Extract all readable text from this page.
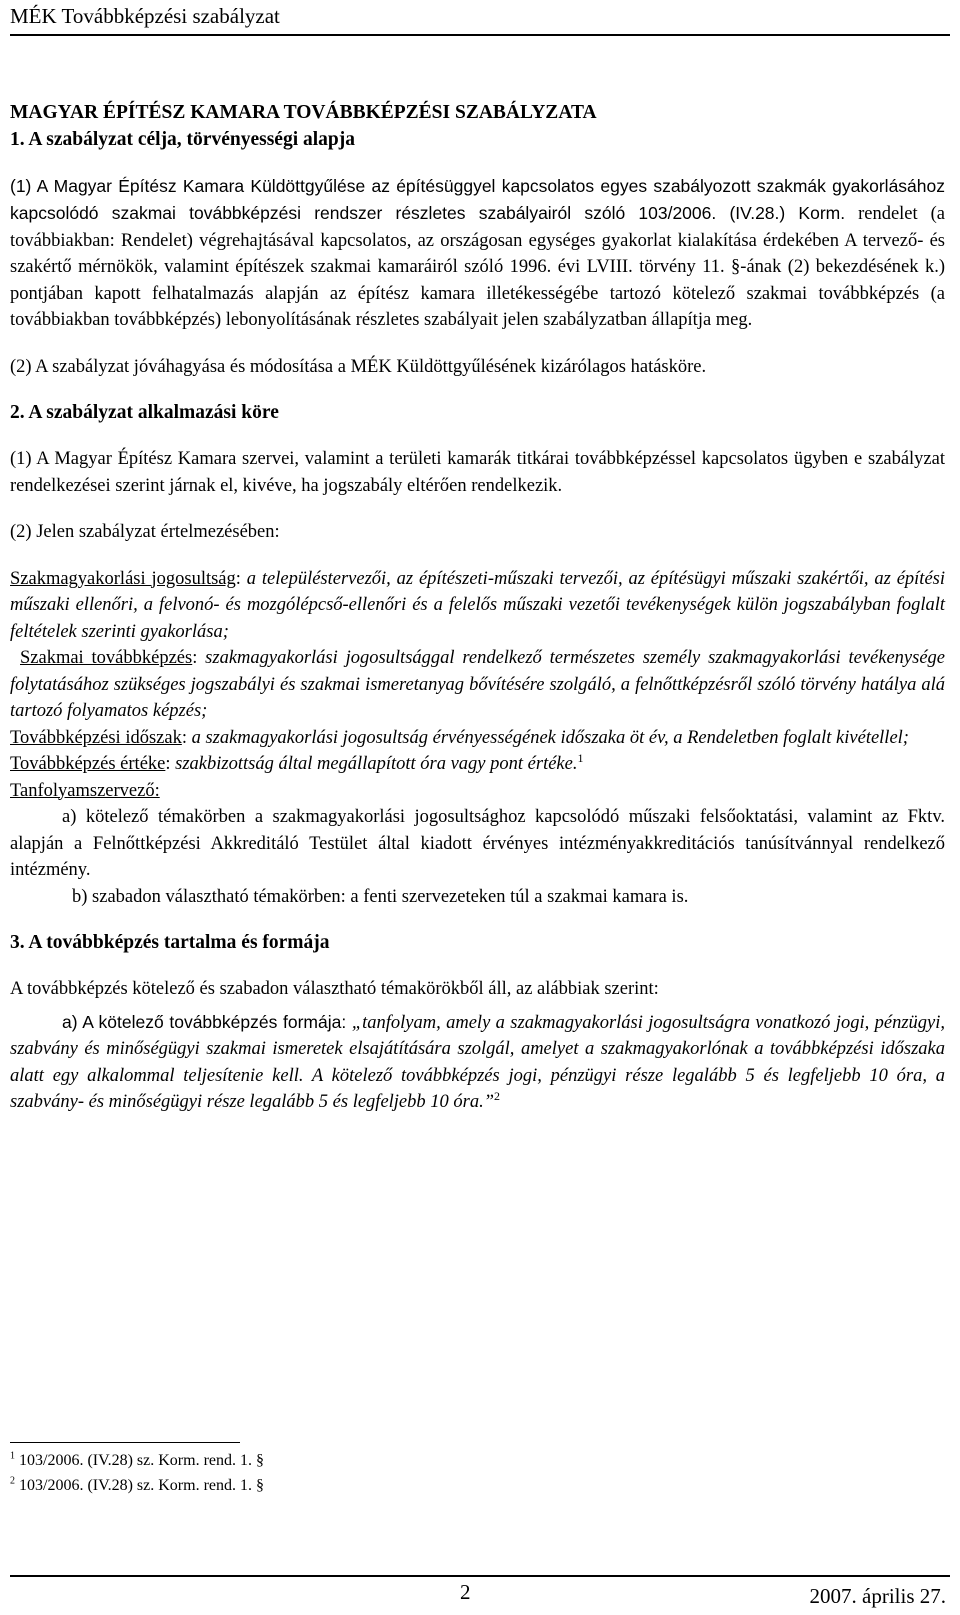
MÉK Továbbképzési szabályzat

MAGYAR ÉPÍTÉSZ KAMARA TOVÁBBKÉPZÉSI SZABÁLYZATA

1. A szabályzat célja, törvényességi alapja

(1) A Magyar Építész Kamara Küldöttgyűlése az építésüggyel kapcsolatos egyes szabályozott szakmák gyakorlásához kapcsolódó szakmai továbbképzési rendszer részletes szabályairól szóló 103/2006. (IV.28.) Korm. rendelet (a továbbiakban: Rendelet) végrehajtásával kapcsolatos, az országosan egységes gyakorlat kialakítása érdekében A tervező- és szakértő mérnökök, valamint építészek szakmai kamaráiról szóló 1996. évi LVIII. törvény 11. §-ának (2) bekezdésének k.) pontjában kapott felhatalmazás alapján az építész kamara illetékességébe tartozó kötelező szakmai továbbképzés (a továbbiakban továbbképzés) lebonyolításának részletes szabályait jelen szabályzatban állapítja meg.

(2) A szabályzat jóváhagyása és módosítása a MÉK Küldöttgyűlésének kizárólagos hatásköre.

2. A szabályzat alkalmazási köre

(1) A Magyar Építész Kamara szervei, valamint a területi kamarák titkárai továbbképzéssel kapcsolatos ügyben e szabályzat rendelkezései szerint járnak el, kivéve, ha jogszabály eltérően rendelkezik.

(2) Jelen szabályzat értelmezésében:

Szakmagyakorlási jogosultság: a településtervezői, az építészeti-műszaki tervezői, az építésügyi műszaki szakértői, az építési műszaki ellenőri, a felvonó- és mozgólépcső-ellenőri és a felelős műszaki vezetői tevékenységek külön jogszabályban foglalt feltételek szerinti gyakorlása;

Szakmai továbbképzés: szakmagyakorlási jogosultsággal rendelkező természetes személy szakmagyakorlási tevékenysége folytatásához szükséges jogszabályi és szakmai ismeretanyag bővítésére szolgáló, a felnőttképzésről szóló törvény hatálya alá tartozó folyamatos képzés;

Továbbképzési időszak: a szakmagyakorlási jogosultság érvényességének időszaka öt év, a Rendeletben foglalt kivétellel;

Továbbképzés értéke: szakbizottság által megállapított óra vagy pont értéke.$^1$

Tanfolyamszervező:

a) kötelező témakörben a szakmagyakorlási jogosultsághoz kapcsolódó műszaki felsőoktatási, valamint az Fktv. alapján a Felnőttképzési Akkreditáló Testület által kiadott érvényes intézményakkreditációs tanúsítvánnyal rendelkező intézmény.

b) szabadon választható témakörben: a fenti szervezeteken túl a szakmai kamara is.

3. A továbbképzés tartalma és formája

A továbbképzés kötelező és szabadon választható témakörökből áll, az alábbiak szerint:

a) A kötelező továbbképzés formája: „tanfolyam, amely a szakmagyakorlási jogosultságra vonatkozó jogi, pénzügyi, szabvány és minőségügyi szakmai ismeretek elsajátítására szolgál, amelyet a szakmagyakorlónak a továbbképzési időszaka alatt egy alkalommal teljesítenie kell. A kötelező továbbképzés jogi, pénzügyi része legalább 5 és legfeljebb 10 óra, a szabvány- és minőségügyi része legalább 5 és legfeljebb 10 óra.”$^2$

$^1$ 103/2006. (IV.28) sz. Korm. rend. 1. §
$^2$ 103/2006. (IV.28) sz. Korm. rend. 1. §
2	2007. április 27.
